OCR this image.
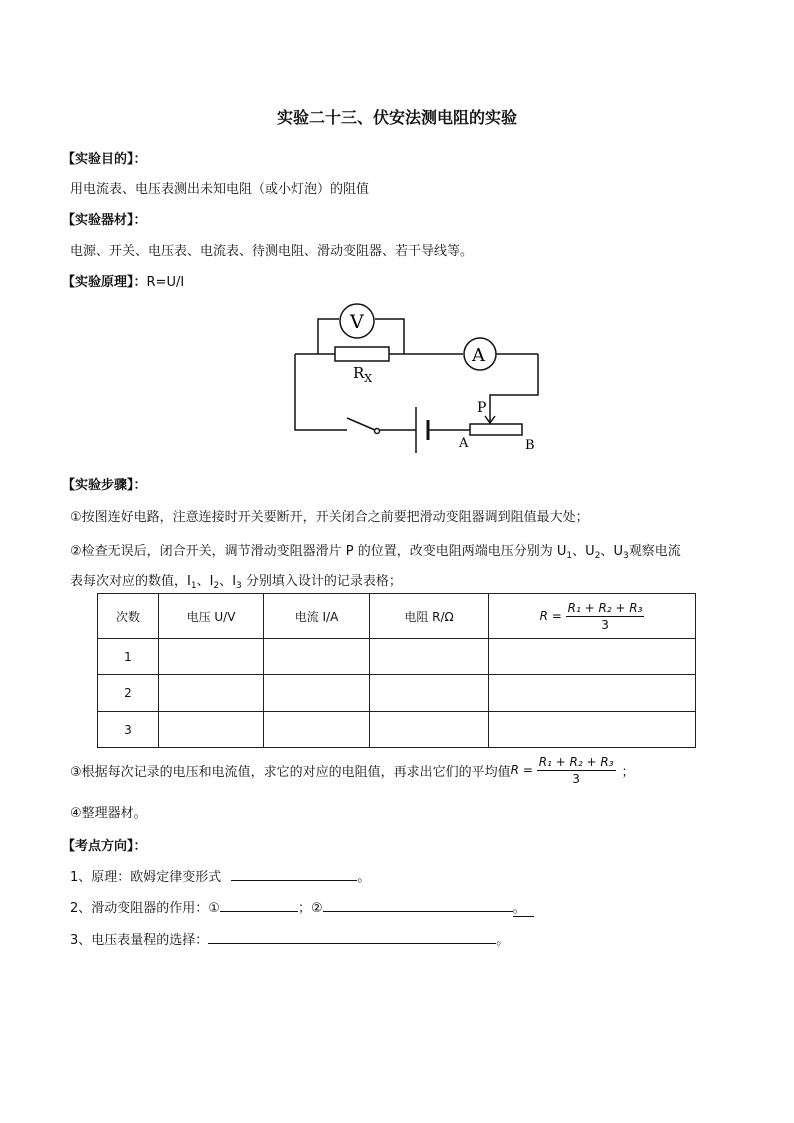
实验二十三、伏安法测电阻的实验
【实验目的】：
用电流表、电压表测出未知电阻（或小灯泡）的阻值
【实验器材】：
电源、开关、电压表、电流表、待测电阻、滑动变阻器、若干导线等。
【实验原理】：R=U/I
V
A
$R_X$
P
A	B
【实验步骤】：
①按图连好电路，注意连接时开关要断开，开关闭合之前要把滑动变阻器调到阻值最大处；
②检查无误后，闭合开关，调节滑动变阻器滑片 P 的位置，改变电阻两端电压分别为 $U_1$、$U_2$、$U_3$观察电流
表每次对应的数值，$I_1$、$I_2$、$I_3$ 分别填入设计的记录表格；
次数	电压 U/V	电流 I/A	电阻 R/Ω	$R = \frac{\text{R₁ + R₂ + R₃}}{3}$

1				
2				
3				
③根据每次记录的电压和电流值，求它的对应的电阻值，再求出它们的平均值 $R = \frac{\text{R₁ + R₂ + R₃}}{3}$ ；
④整理器材。
【考点方向】：
1、原理：欧姆定律变形式	。
2、滑动变阻器的作用：①	；②	。
3、电压表量程的选择：	。
